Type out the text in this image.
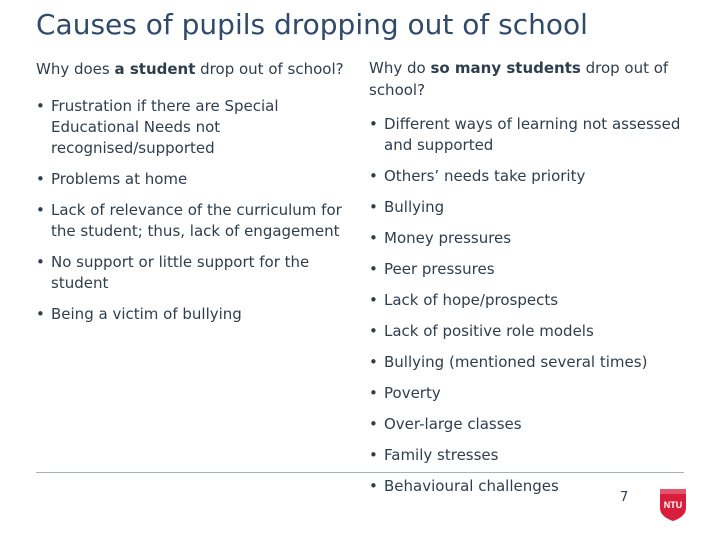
Causes of pupils dropping out of school

Why does a student drop out of school?

• Frustration if there are Special Educational Needs not recognised/supported
• Problems at home
• Lack of relevance of the curriculum for the student; thus, lack of engagement
• No support or little support for the student
• Being a victim of bullying

Why do so many students drop out of school?

• Different ways of learning not assessed and supported
• Others’ needs take priority
• Bullying
• Money pressures
• Peer pressures
• Lack of hope/prospects
• Lack of positive role models
• Bullying (mentioned several times)
• Poverty
• Over-large classes
• Family stresses
• Behavioural challenges
7	NTU
